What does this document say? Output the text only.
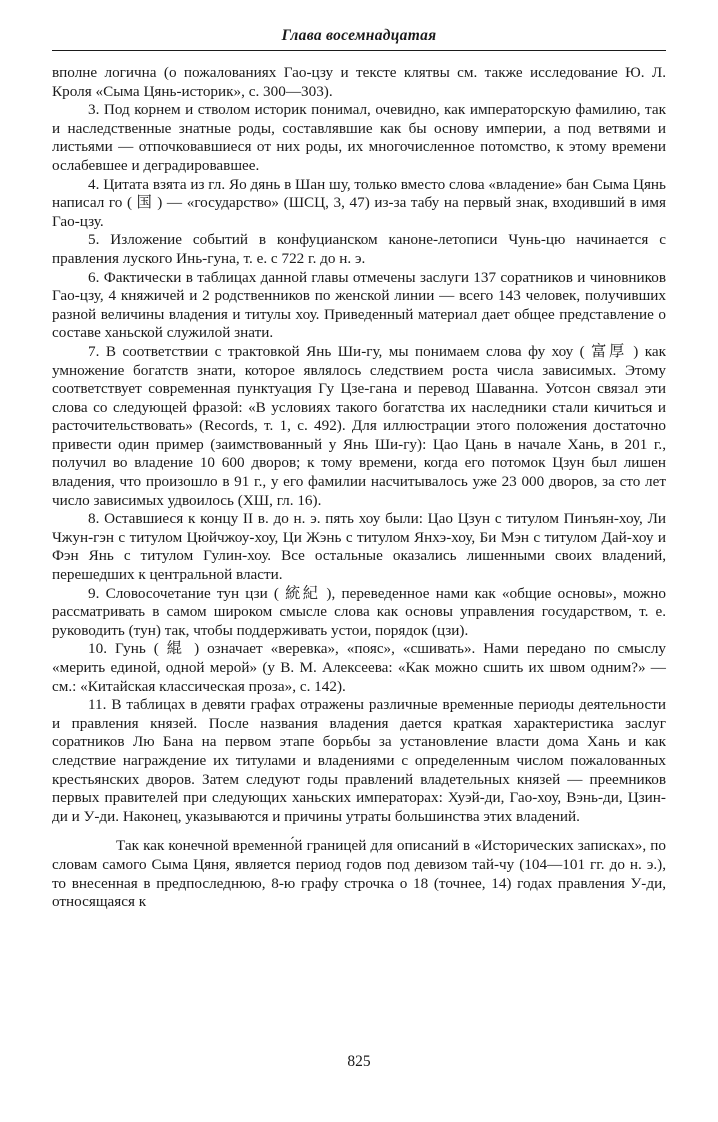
Глава восемнадцатая

вполне логична (о пожалованиях Гао-цзу и тексте клятвы см. также исследование Ю. Л. Кроля «Сыма Цянь-историк», с. 300—303).

3. Под корнем и стволом историк понимал, очевидно, как императорскую фамилию, так и наследственные знатные роды, составлявшие как бы основу империи, а под ветвями и листьями — отпочковавшиеся от них роды, их многочисленное потомство, к этому времени ослабевшее и деградировавшее.

4. Цитата взята из гл. Яо дянь в Шан шу, только вместо слова «владение» бан Сыма Цянь написал го ( 国 ) — «государство» (ШСЦ, 3, 47) из-за табу на первый знак, входивший в имя Гао-цзу.

5. Изложение событий в конфуцианском каноне-летописи Чунь-цю начинается с правления луского Инь-гуна, т. е. с 722 г. до н. э.

6. Фактически в таблицах данной главы отмечены заслуги 137 соратников и чиновников Гао-цзу, 4 княжичей и 2 родственников по женской линии — всего 143 человек, получивших разной величины владения и титулы хоу. Приведенный материал дает общее представление о составе ханьской служилой знати.

7. В соответствии с трактовкой Янь Ши-гу, мы понимаем слова фу хоу ( 富厚 ) как умножение богатств знати, которое являлось следствием роста числа зависимых. Этому соответствует современная пунктуация Гу Цзе-гана и перевод Шаванна. Уотсон связал эти слова со следующей фразой: «В условиях такого богатства их наследники стали кичиться и расточительствовать» (Records, т. 1, с. 492). Для иллюстрации этого положения достаточно привести один пример (заимствованный у Янь Ши-гу): Цао Цань в начале Хань, в 201 г., получил во владение 10 600 дворов; к тому времени, когда его потомок Цзун был лишен владения, что произошло в 91 г., у его фамилии насчитывалось уже 23 000 дворов, за сто лет число зависимых удвоилось (ХШ, гл. 16).

8. Оставшиеся к концу II в. до н. э. пять хоу были: Цао Цзун с титулом Пинъян-хоу, Ли Чжун-гэн с титулом Цюйчжоу-хоу, Ци Жэнь с титулом Янхэ-хоу, Би Мэн с титулом Дай-хоу и Фэн Янь с титулом Гулин-хоу. Все остальные оказались лишенными своих владений, перешедших к центральной власти.

9. Словосочетание тун цзи ( 統紀 ), переведенное нами как «общие основы», можно рассматривать в самом широком смысле слова как основы управления государством, т. е. руководить (тун) так, чтобы поддерживать устои, порядок (цзи).

10. Гунь ( 緄 ) означает «веревка», «пояс», «сшивать». Нами передано по смыслу «мерить единой, одной мерой» (у В. М. Алексеева: «Как можно сшить их швом одним?» — см.: «Китайская классическая проза», с. 142).

11. В таблицах в девяти графах отражены различные временные периоды деятельности и правления князей. После названия владения дается краткая характеристика заслуг соратников Лю Бана на первом этапе борьбы за установление власти дома Хань и как следствие награждение их титулами и владениями с определенным числом пожалованных крестьянских дворов. Затем следуют годы правлений владетельных князей — преемников первых правителей при следующих ханьских императорах: Хуэй-ди, Гао-хоу, Вэнь-ди, Цзин-ди и У-ди. Наконец, указываются и причины утраты большинства этих владений.

Так как конечной временно́й границей для описаний в «Исторических записках», по словам самого Сыма Цяня, является период годов под девизом тай-чу (104—101 гг. до н. э.), то внесенная в предпоследнюю, 8-ю графу строчка о 18 (точнее, 14) годах правления У-ди, относящаяся к

825
